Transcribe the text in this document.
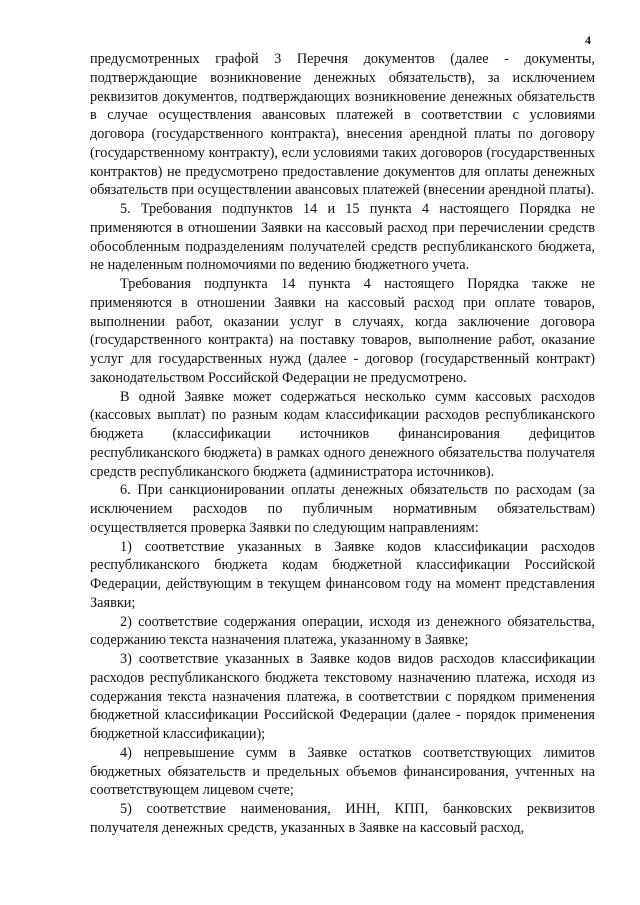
4

предусмотренных графой 3 Перечня документов (далее - документы, подтверждающие возникновение денежных обязательств), за исключением реквизитов документов, подтверждающих возникновение денежных обязательств в случае осуществления авансовых платежей в соответствии с условиями договора (государственного контракта), внесения арендной платы по договору (государственному контракту), если условиями таких договоров (государственных контрактов) не предусмотрено предоставление документов для оплаты денежных обязательств при осуществлении авансовых платежей (внесении арендной платы).

5. Требования подпунктов 14 и 15 пункта 4 настоящего Порядка не применяются в отношении Заявки на кассовый расход при перечислении средств обособленным подразделениям получателей средств республиканского бюджета, не наделенным полномочиями по ведению бюджетного учета.

Требования подпункта 14 пункта 4 настоящего Порядка также не применяются в отношении Заявки на кассовый расход при оплате товаров, выполнении работ, оказании услуг в случаях, когда заключение договора (государственного контракта) на поставку товаров, выполнение работ, оказание услуг для государственных нужд (далее - договор (государственный контракт) законодательством Российской Федерации не предусмотрено.

В одной Заявке может содержаться несколько сумм кассовых расходов (кассовых выплат) по разным кодам классификации расходов республиканского бюджета (классификации источников финансирования дефицитов республиканского бюджета) в рамках одного денежного обязательства получателя средств республиканского бюджета (администратора источников).

6. При санкционировании оплаты денежных обязательств по расходам (за исключением расходов по публичным нормативным обязательствам) осуществляется проверка Заявки по следующим направлениям:

1) соответствие указанных в Заявке кодов классификации расходов республиканского бюджета кодам бюджетной классификации Российской Федерации, действующим в текущем финансовом году на момент представления Заявки;

2) соответствие содержания операции, исходя из денежного обязательства, содержанию текста назначения платежа, указанному в Заявке;

3) соответствие указанных в Заявке кодов видов расходов классификации расходов республиканского бюджета текстовому назначению платежа, исходя из содержания текста назначения платежа, в соответствии с порядком применения бюджетной классификации Российской Федерации (далее - порядок применения бюджетной классификации);

4) непревышение сумм в Заявке остатков соответствующих лимитов бюджетных обязательств и предельных объемов финансирования, учтенных на соответствующем лицевом счете;

5) соответствие наименования, ИНН, КПП, банковских реквизитов получателя денежных средств, указанных в Заявке на кассовый расход,
